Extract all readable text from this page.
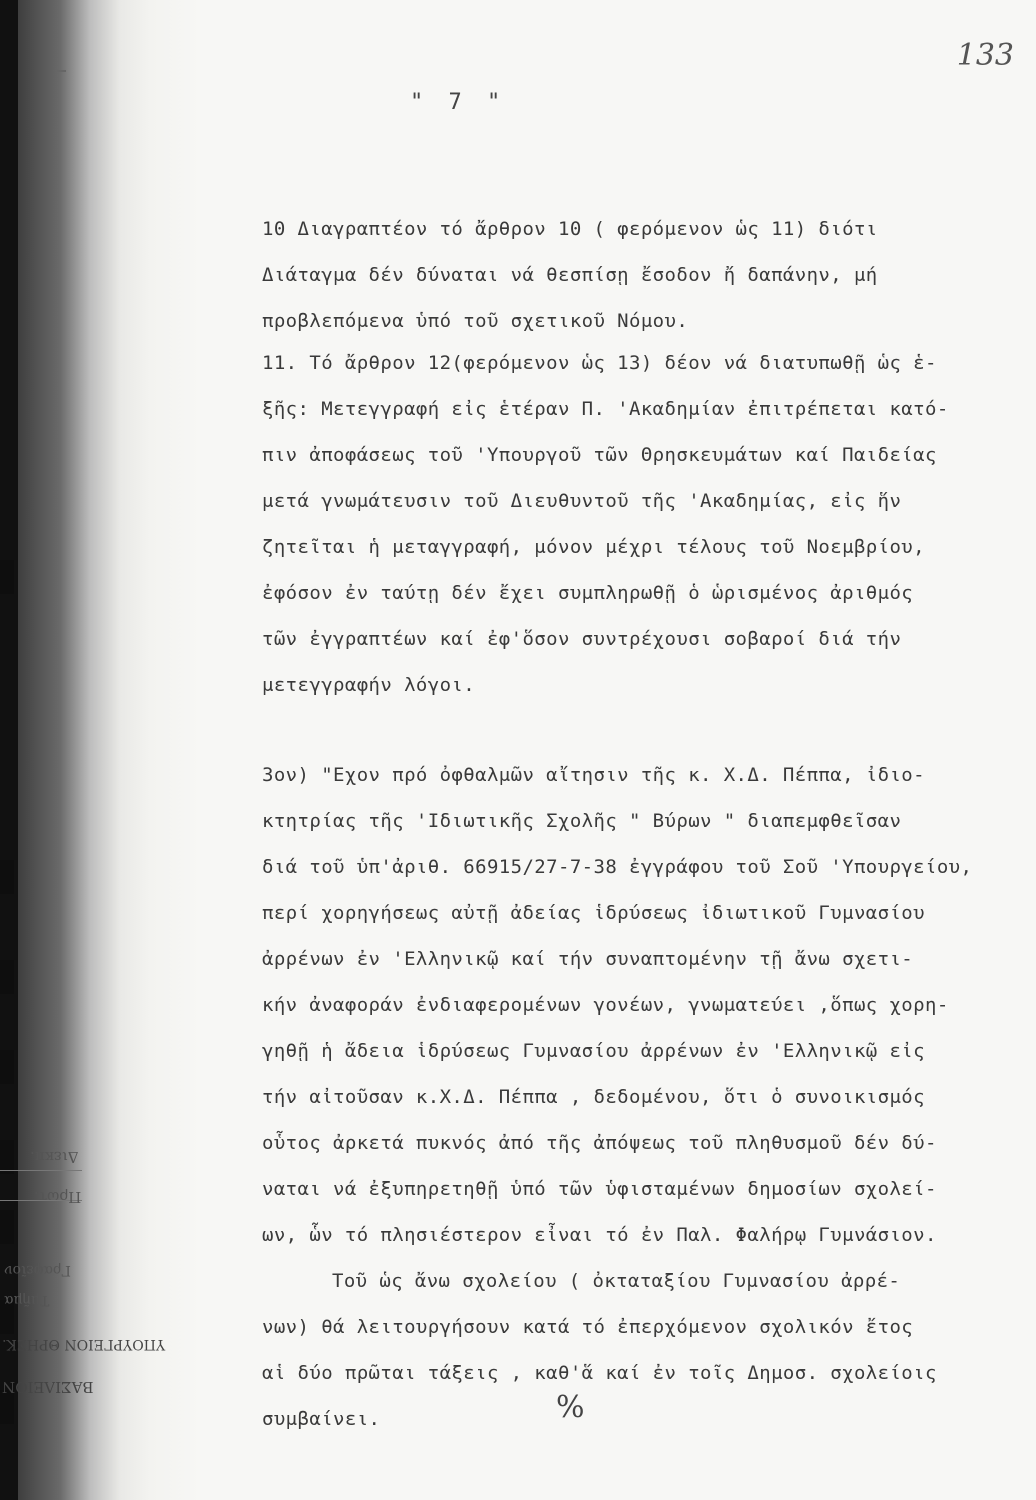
Διεκπ.
Πρωτ.
Γραφεῖον
Τμῆμα
ΥΠΟΥΡΓΕΙΟΝ ΘΡΗΣΚ.
ΒΑΣΙΛΕΙΟΝ
133
" 7 "
10 Διαγραπτέον τό ἄρθρον 10 ( φερόμενον ὡς 11) διότι
Διάταγμα δέν δύναται νά θεσπίσῃ ἔσοδον ἤ δαπάνην, μή
προβλεπόμενα ὑπό τοῦ σχετικοῦ Νόμου.
11. Τό ἄρθρον 12(φερόμενον ὡς 13) δέον νά διατυπωθῇ ὡς ἑ-
ξῆς: Μετεγγραφή εἰς ἑτέραν Π. 'Ακαδημίαν ἐπιτρέπεται κατό-
πιν ἀποφάσεως τοῦ 'Υπουργοῦ τῶν Θρησκευμάτων καί Παιδείας
μετά γνωμάτευσιν τοῦ Διευθυντοῦ τῆς 'Ακαδημίας, εἰς ἥν
ζητεῖται ἡ μεταγγραφή, μόνον μέχρι τέλους τοῦ Νοεμβρίου,
ἐφόσον ἐν ταύτῃ δέν ἔχει συμπληρωθῇ ὁ ὡρισμένος ἀριθμός
τῶν ἐγγραπτέων καί ἐφ'ὅσον συντρέχουσι σοβαροί διά τήν
μετεγγραφήν λόγοι.
3ον) "Εχον πρό ὀφθαλμῶν αἴτησιν τῆς κ. Χ.Δ. Πέππα, ἰδιο-
κτητρίας τῆς 'Ιδιωτικῆς Σχολῆς " Βύρων " διαπεμφθεῖσαν
διά τοῦ ὑπ'ἀριθ. 66915/27-7-38 ἐγγράφου τοῦ Σοῦ 'Υπουργείου,
περί χορηγήσεως αὐτῇ ἀδείας ἱδρύσεως ἰδιωτικοῦ Γυμνασίου
ἀρρένων ἐν 'Ελληνικῷ καί τήν συναπτομένην τῇ ἄνω σχετι-
κήν ἀναφοράν ἐνδιαφερομένων γονέων, γνωματεύει ,ὅπως χορη-
γηθῇ ἡ ἄδεια ἱδρύσεως Γυμνασίου ἀρρένων ἐν 'Ελληνικῷ εἰς
τήν αἰτοῦσαν κ.Χ.Δ. Πέππα , δεδομένου, ὅτι ὁ συνοικισμός
οὗτος ἀρκετά πυκνός ἀπό τῆς ἀπόψεως τοῦ πληθυσμοῦ δέν δύ-
ναται νά ἐξυπηρετηθῇ ὑπό τῶν ὑφισταμένων δημοσίων σχολεί-
ων, ὧν τό πλησιέστερον εἶναι τό ἐν Παλ. Φαλήρῳ Γυμνάσιον.
Τοῦ ὡς ἄνω σχολείου ( ὀκταταξίου Γυμνασίου ἀρρέ-
νων) θά λειτουργήσουν κατά τό ἐπερχόμενον σχολικόν ἔτος
αἱ δύο πρῶται τάξεις , καθ'ἅ καί ἐν τοῖς Δημοσ. σχολείοις
συμβαίνει.	%
